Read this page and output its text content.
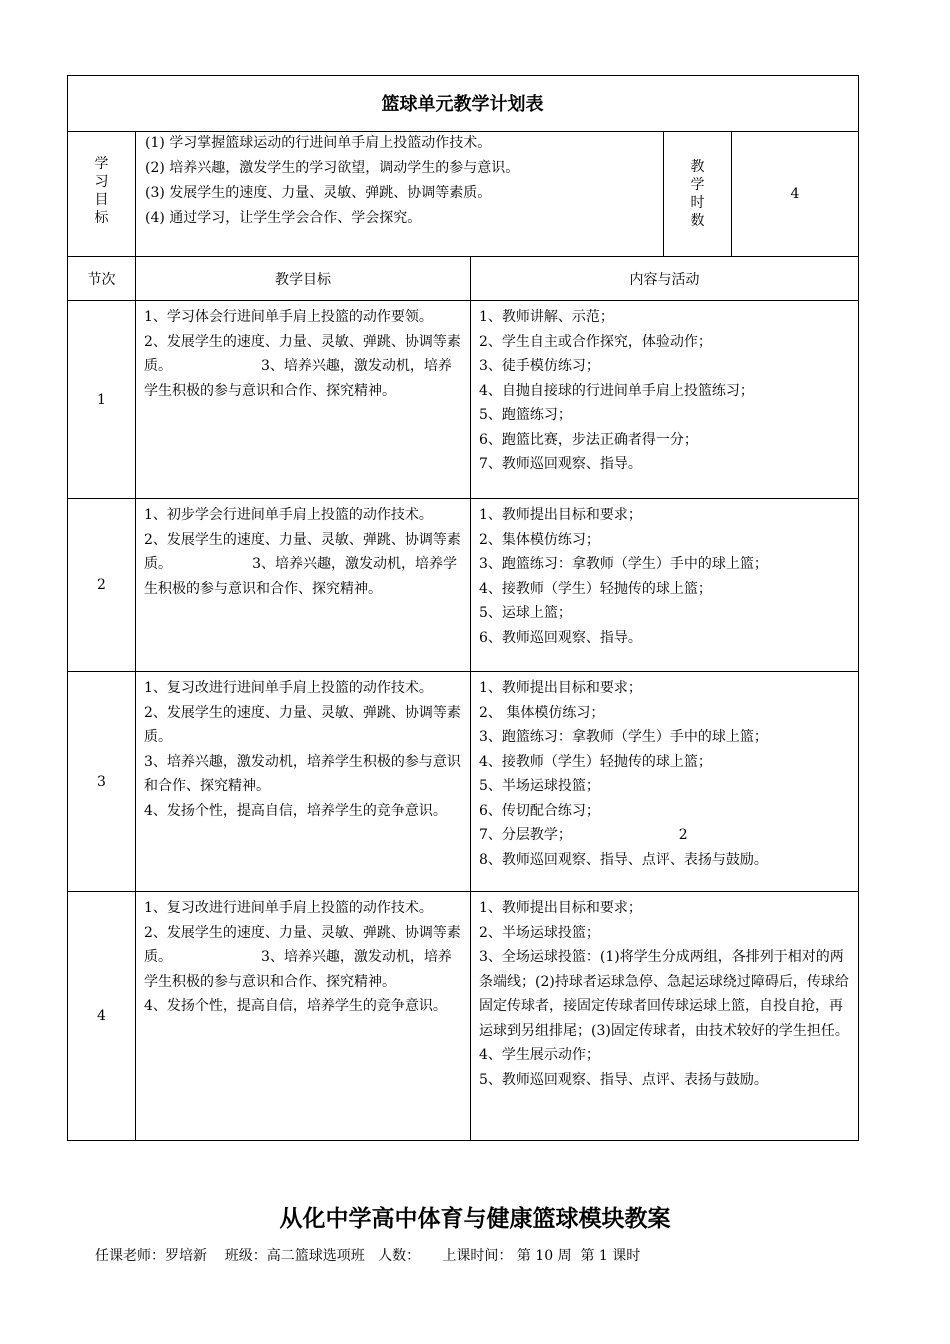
篮球单元教学计划表
学
习
目
标
(1) 学习掌握篮球运动的行进间单手肩上投篮动作技术。
(2) 培养兴趣，激发学生的学习欲望，调动学生的参与意识。
(3) 发展学生的速度、力量、灵敏、弹跳、协调等素质。
(4) 通过学习，让学生学会合作、学会探究。
教
学
时
数
4
节次	教学目标	内容与活动
1
1、学习体会行进间单手肩上投篮的动作要领。
2、发展学生的速度、力量、灵敏、弹跳、协调等素质。                    3、培养兴趣，激发动机，培养学生积极的参与意识和合作、探究精神。
1、教师讲解、示范；
2、学生自主或合作探究，体验动作；
3、徒手模仿练习；
4、自抛自接球的行进间单手肩上投篮练习；
5、跑篮练习；
6、跑篮比赛，步法正确者得一分；
7、教师巡回观察、指导。
2
1、初步学会行进间单手肩上投篮的动作技术。
2、发展学生的速度、力量、灵敏、弹跳、协调等素质。                  3、培养兴趣，激发动机，培养学生积极的参与意识和合作、探究精神。
1、教师提出目标和要求；
2、集体模仿练习；
3、跑篮练习：拿教师（学生）手中的球上篮；
4、接教师（学生）轻抛传的球上篮；
5、运球上篮；
6、教师巡回观察、指导。
3
1、复习改进行进间单手肩上投篮的动作技术。
2、发展学生的速度、力量、灵敏、弹跳、协调等素质。
3、培养兴趣，激发动机，培养学生积极的参与意识和合作、探究精神。
4、发扬个性，提高自信，培养学生的竞争意识。
1、教师提出目标和要求；
2、 集体模仿练习；
3、跑篮练习：拿教师（学生）手中的球上篮；
4、接教师（学生）轻抛传的球上篮；
5、半场运球投篮；
6、传切配合练习；
7、分层教学；                        2
8、教师巡回观察、指导、点评、表扬与鼓励。
4
1、复习改进行进间单手肩上投篮的动作技术。
2、发展学生的速度、力量、灵敏、弹跳、协调等素质。                    3、培养兴趣，激发动机，培养学生积极的参与意识和合作、探究精神。
4、发扬个性，提高自信，培养学生的竞争意识。
1、教师提出目标和要求；
2、半场运球投篮；
3、全场运球投篮：(1)将学生分成两组，各排列于相对的两条端线；(2)持球者运球急停、急起运球绕过障碍后，传球给固定传球者，接固定传球者回传球运球上篮，自投自抢，再运球到另组排尾；(3)固定传球者，由技术较好的学生担任。
4、学生展示动作；
5、教师巡回观察、指导、点评、表扬与鼓励。
从化中学高中体育与健康篮球模块教案
任课老师：罗培新    班级：高二篮球选项班   人数：     上课时间： 第 10 周  第 1 课时
